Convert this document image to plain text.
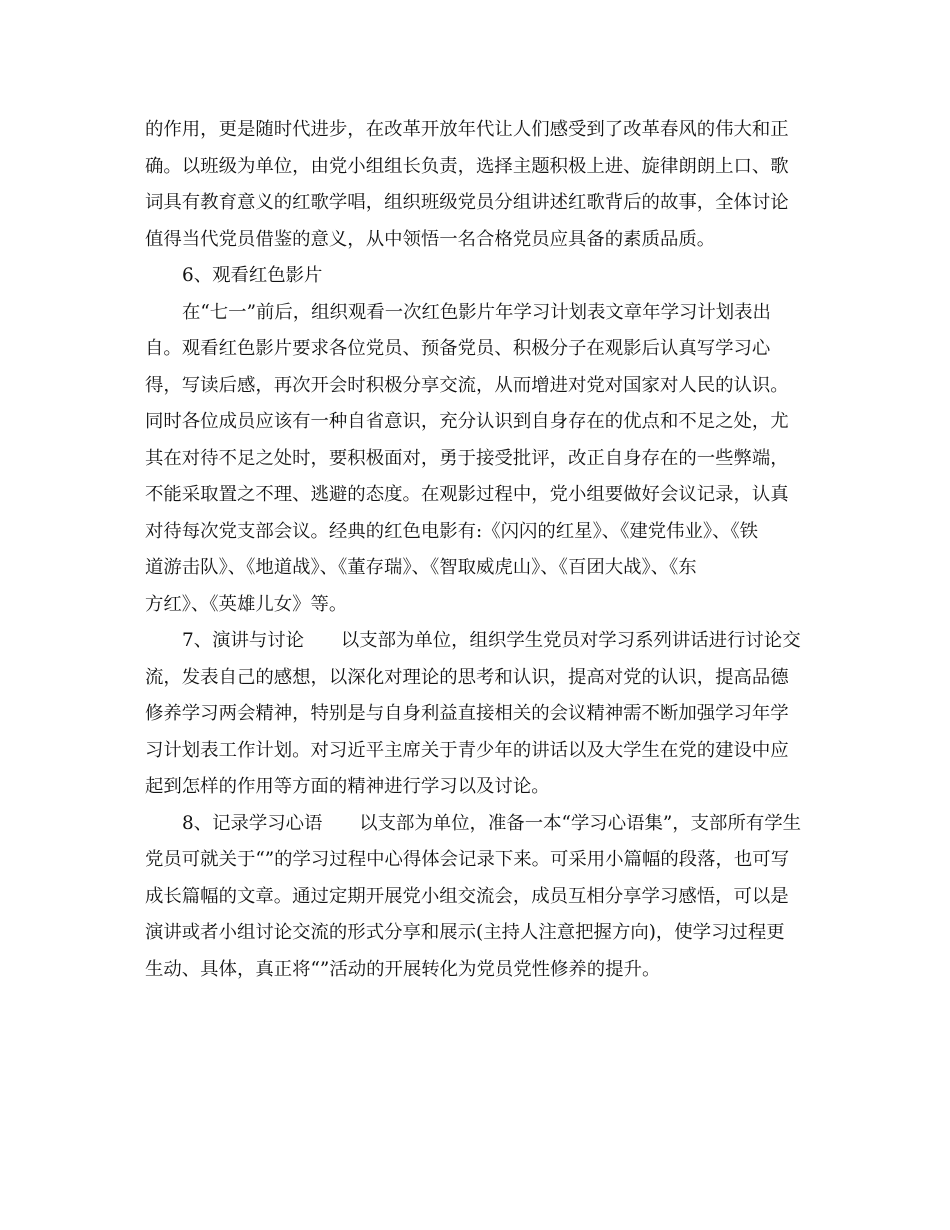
的作用，更是随时代进步，在改革开放年代让人们感受到了改革春风的伟大和正
确。以班级为单位，由党小组组长负责，选择主题积极上进、旋律朗朗上口、歌
词具有教育意义的红歌学唱，组织班级党员分组讲述红歌背后的故事，全体讨论
值得当代党员借鉴的意义，从中领悟一名合格党员应具备的素质品质。
6、观看红色影片
在“七一”前后，组织观看一次红色影片年学习计划表文章年学习计划表出
自。观看红色影片要求各位党员、预备党员、积极分子在观影后认真写学习心
得，写读后感，再次开会时积极分享交流，从而增进对党对国家对人民的认识。
同时各位成员应该有一种自省意识，充分认识到自身存在的优点和不足之处，尤
其在对待不足之处时，要积极面对，勇于接受批评，改正自身存在的一些弊端，
不能采取置之不理、逃避的态度。在观影过程中，党小组要做好会议记录，认真
对待每次党支部会议。经典的红色电影有:《闪闪的红星》、《建党伟业》、《铁
道游击队》、《地道战》、《董存瑞》、《智取威虎山》、《百团大战》、《东
方红》、《英雄儿女》等。
7、演讲与讨论　　以支部为单位，组织学生党员对学习系列讲话进行讨论交
流，发表自己的感想，以深化对理论的思考和认识，提高对党的认识，提高品德
修养学习两会精神，特别是与自身利益直接相关的会议精神需不断加强学习年学
习计划表工作计划。对习近平主席关于青少年的讲话以及大学生在党的建设中应
起到怎样的作用等方面的精神进行学习以及讨论。
8、记录学习心语　　以支部为单位，准备一本“学习心语集”，支部所有学生
党员可就关于“”的学习过程中心得体会记录下来。可采用小篇幅的段落，也可写
成长篇幅的文章。通过定期开展党小组交流会，成员互相分享学习感悟，可以是
演讲或者小组讨论交流的形式分享和展示(主持人注意把握方向)，使学习过程更
生动、具体，真正将“”活动的开展转化为党员党性修养的提升。
